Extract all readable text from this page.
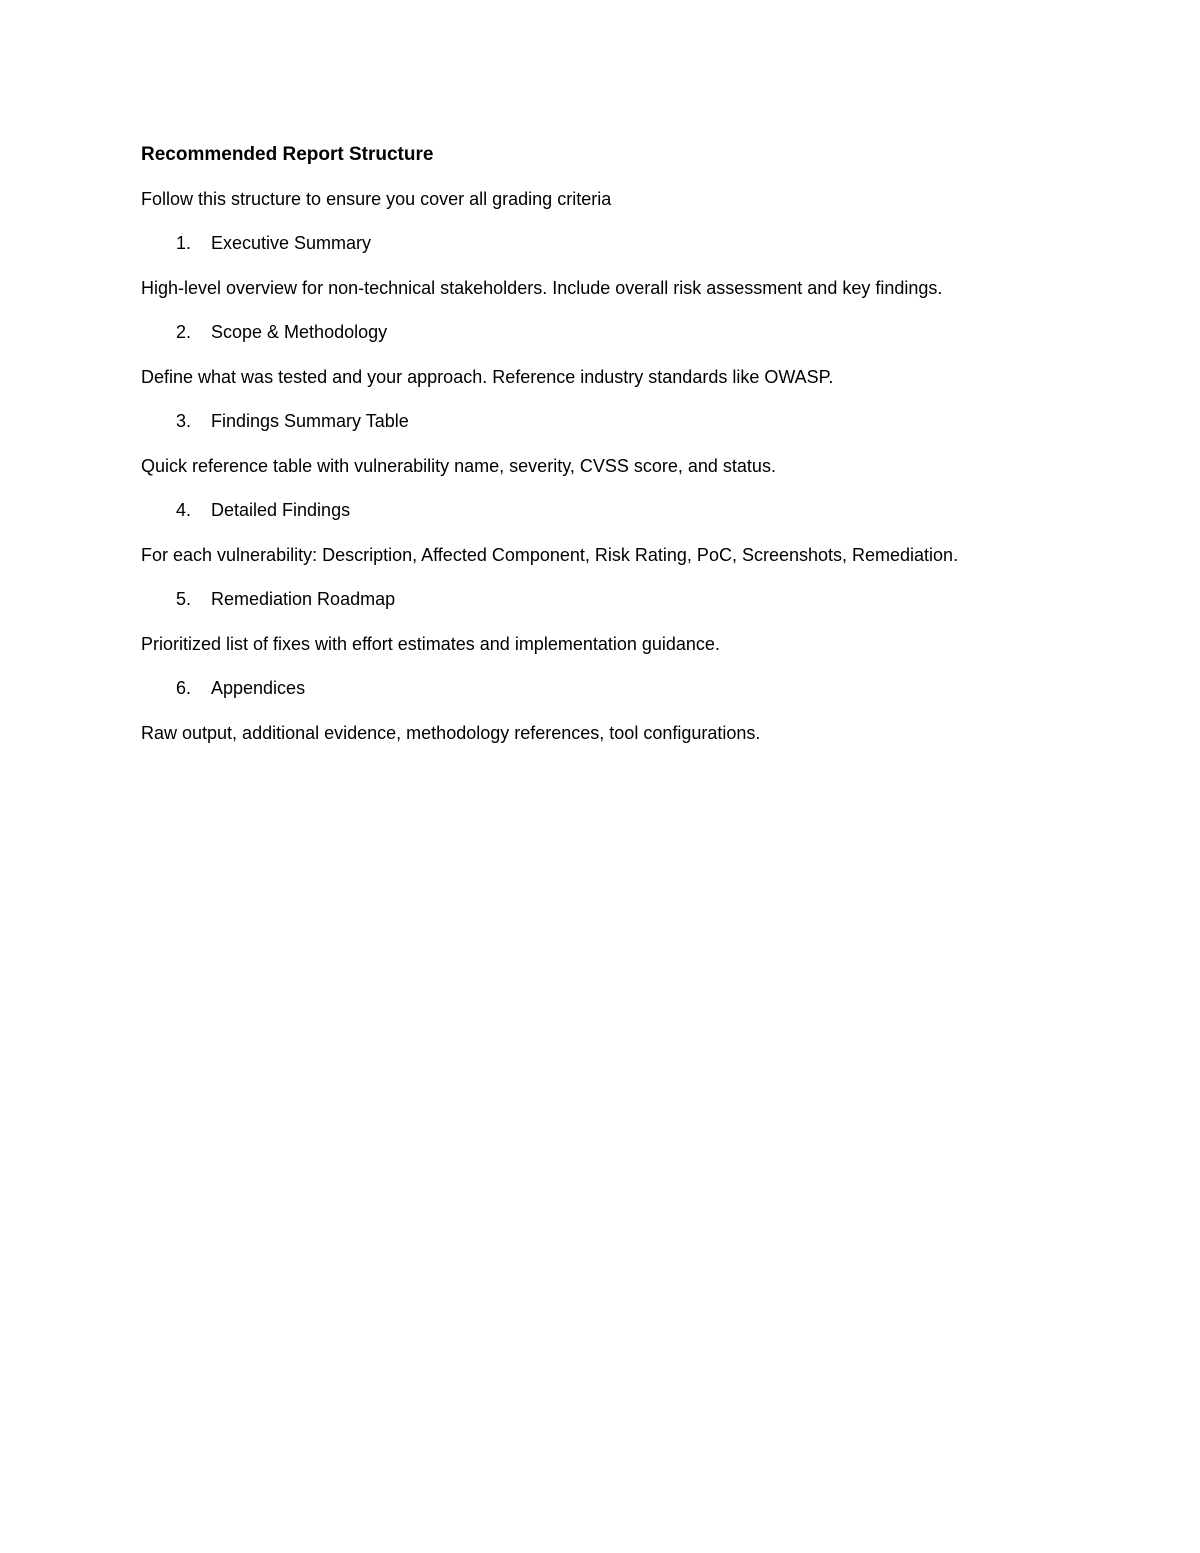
Recommended Report Structure

Follow this structure to ensure you cover all grading criteria

1.	Executive Summary
High-level overview for non-technical stakeholders. Include overall risk assessment and key findings.
2.	Scope & Methodology
Define what was tested and your approach. Reference industry standards like OWASP.
3.	Findings Summary Table
Quick reference table with vulnerability name, severity, CVSS score, and status.
4.	Detailed Findings
For each vulnerability: Description, Affected Component, Risk Rating, PoC, Screenshots, Remediation.
5.	Remediation Roadmap
Prioritized list of fixes with effort estimates and implementation guidance.
6.	Appendices
Raw output, additional evidence, methodology references, tool configurations.
